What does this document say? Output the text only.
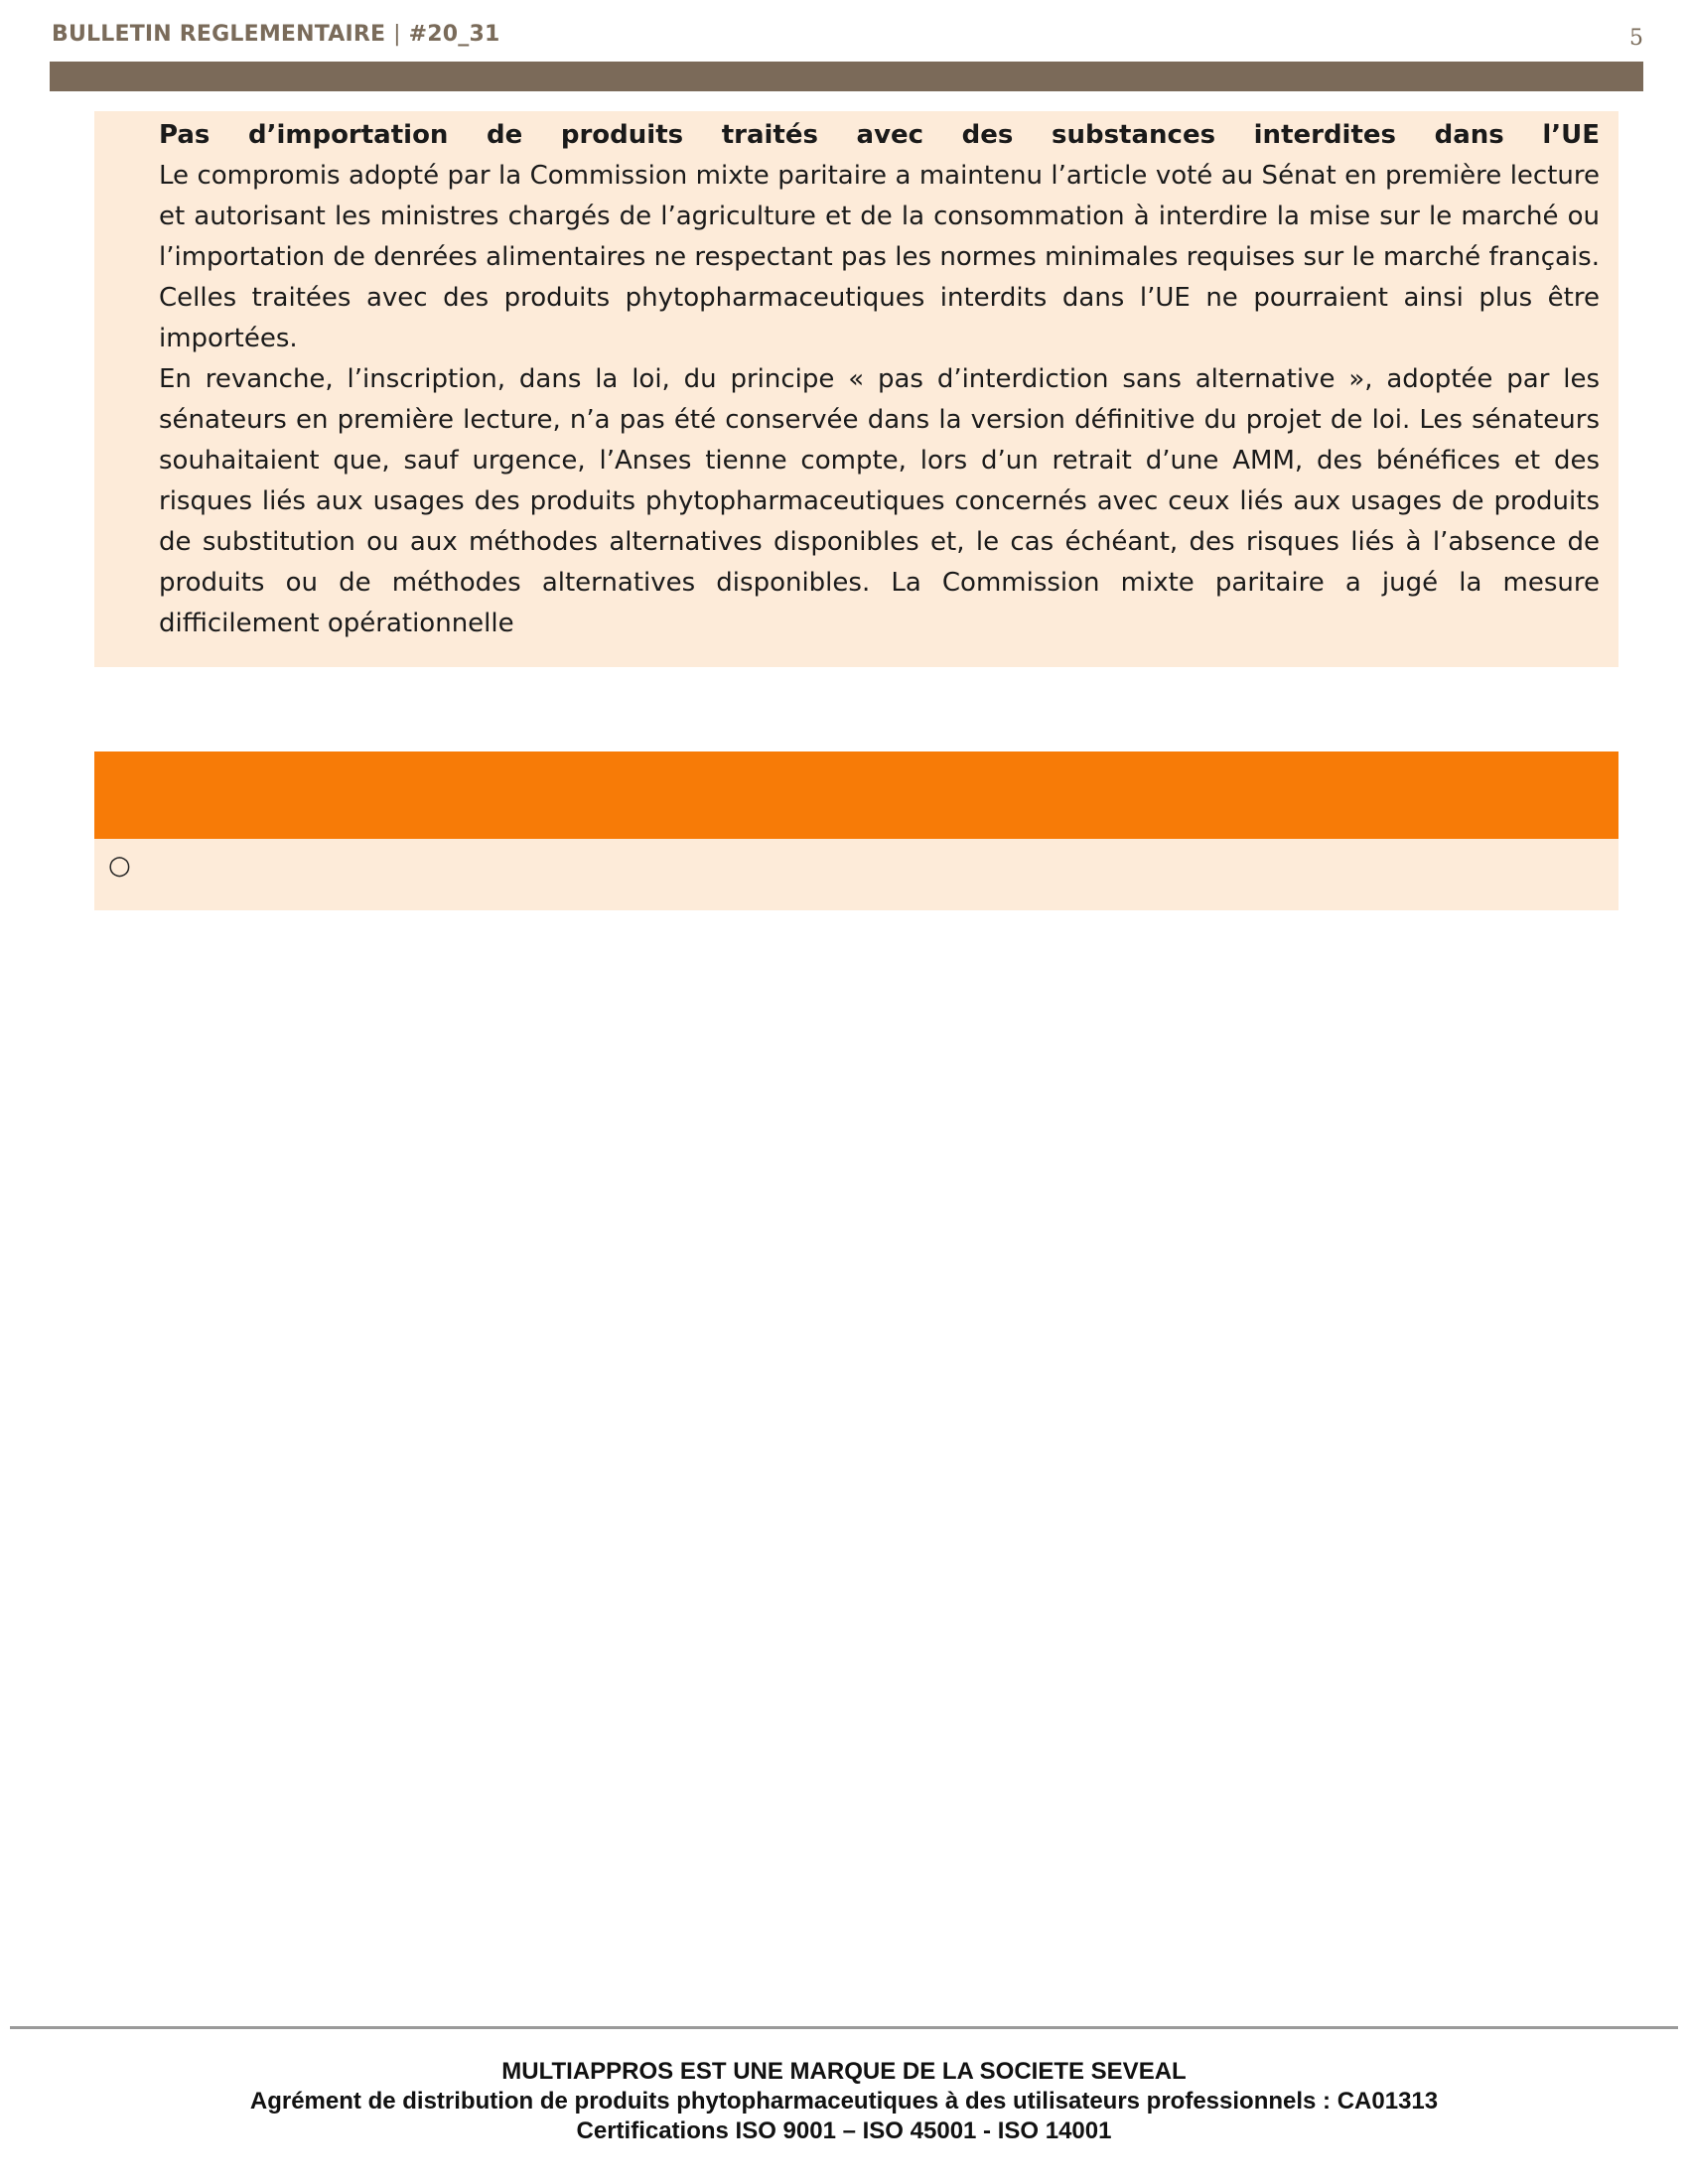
BULLETIN REGLEMENTAIRE | #20_31	5
Pas d’importation de produits traités avec des substances interdites dans l’UE
Le compromis adopté par la Commission mixte paritaire a maintenu l’article voté au Sénat en première lecture et autorisant les ministres chargés de l’agriculture et de la consommation à interdire la mise sur le marché ou l’importation de denrées alimentaires ne respectant pas les normes minimales requises sur le marché français. Celles traitées avec des produits phytopharmaceutiques interdits dans l’UE ne pourraient ainsi plus être importées.
En revanche, l’inscription, dans la loi, du principe « pas d’interdiction sans alternative », adoptée par les sénateurs en première lecture, n’a pas été conservée dans la version définitive du projet de loi. Les sénateurs souhaitaient que, sauf urgence, l’Anses tienne compte, lors d’un retrait d’une AMM, des bénéfices et des risques liés aux usages des produits phytopharmaceutiques concernés avec ceux liés aux usages de produits de substitution ou aux méthodes alternatives disponibles et, le cas échéant, des risques liés à l’absence de produits ou de méthodes alternatives disponibles. La Commission mixte paritaire a jugé la mesure difficilement opérationnelle
○
MULTIAPPROS EST UNE MARQUE DE LA SOCIETE SEVEAL
Agrément de distribution de produits phytopharmaceutiques à des utilisateurs professionnels : CA01313
Certifications ISO 9001 – ISO 45001 - ISO 14001
